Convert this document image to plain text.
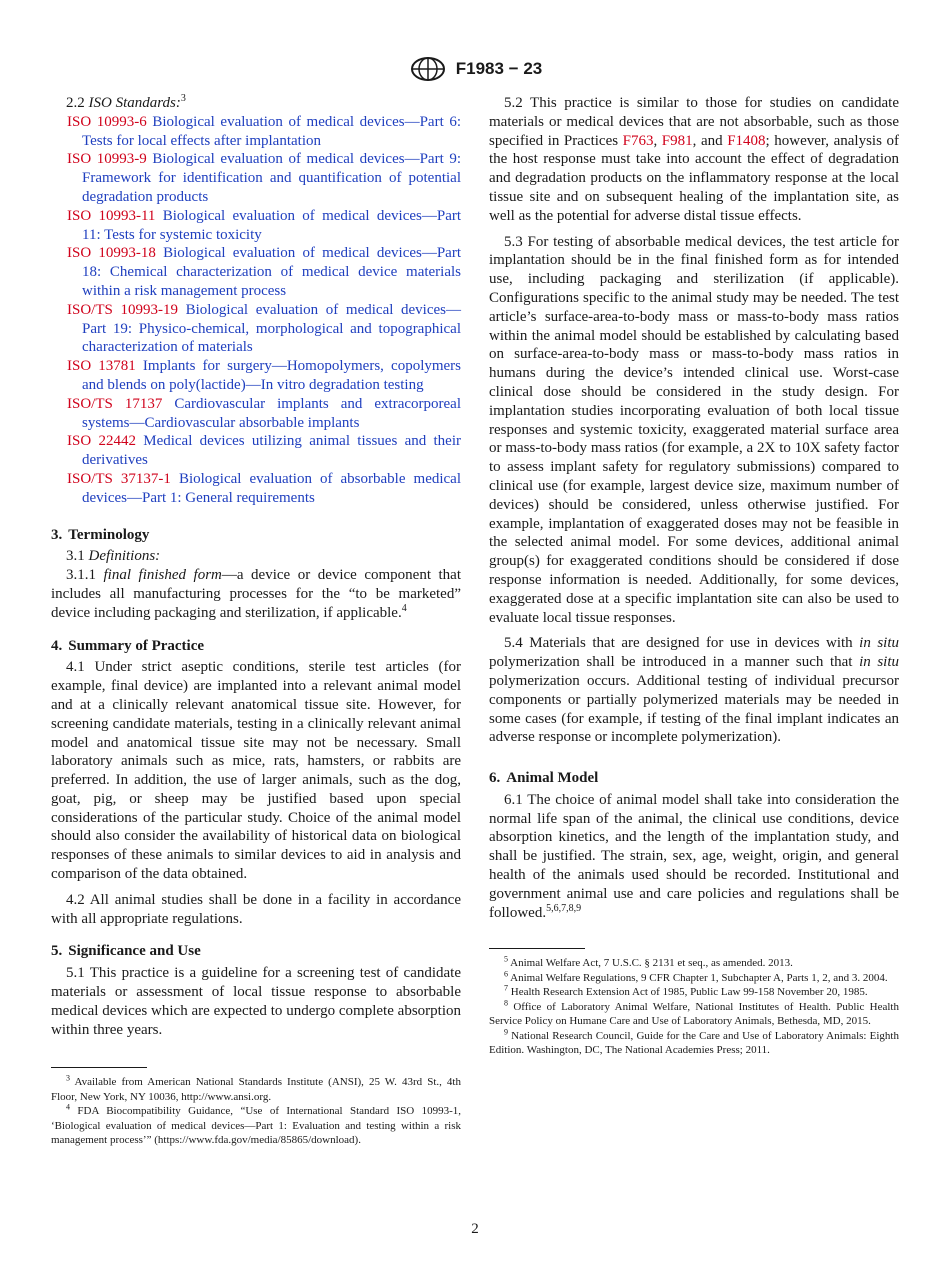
F1983 − 23

2.2 ISO Standards:$^3$

ISO 10993-6 Biological evaluation of medical devices—Part 6: Tests for local effects after implantation

ISO 10993-9 Biological evaluation of medical devices—Part 9: Framework for identification and quantification of potential degradation products

ISO 10993-11 Biological evaluation of medical devices—Part 11: Tests for systemic toxicity

ISO 10993-18 Biological evaluation of medical devices—Part 18: Chemical characterization of medical device materials within a risk management process

ISO/TS 10993-19 Biological evaluation of medical devices—Part 19: Physico-chemical, morphological and topographical characterization of materials

ISO 13781 Implants for surgery—Homopolymers, copolymers and blends on poly(lactide)—In vitro degradation testing

ISO/TS 17137 Cardiovascular implants and extracorporeal systems—Cardiovascular absorbable implants

ISO 22442 Medical devices utilizing animal tissues and their derivatives

ISO/TS 37137-1 Biological evaluation of absorbable medical devices—Part 1: General requirements

3. Terminology

3.1 Definitions:

3.1.1 final finished form—a device or device component that includes all manufacturing processes for the “to be marketed” device including packaging and sterilization, if applicable.$^4$

4. Summary of Practice

4.1 Under strict aseptic conditions, sterile test articles (for example, final device) are implanted into a relevant animal model and at a clinically relevant anatomical tissue site. However, for screening candidate materials, testing in a clinically relevant animal model and anatomical tissue site may not be necessary. Small laboratory animals such as mice, rats, hamsters, or rabbits are preferred. In addition, the use of larger animals, such as the dog, goat, pig, or sheep may be justified based upon special considerations of the particular study. Choice of the animal model should also consider the availability of historical data on biological responses of these animals to similar devices to aid in analysis and comparison of the data obtained.

4.2 All animal studies shall be done in a facility in accordance with all appropriate regulations.

5. Significance and Use

5.1 This practice is a guideline for a screening test of candidate materials or assessment of local tissue response to absorbable medical devices which are expected to undergo complete absorption within three years.

$^3$ Available from American National Standards Institute (ANSI), 25 W. 43rd St., 4th Floor, New York, NY 10036, http://www.ansi.org.

$^4$ FDA Biocompatibility Guidance, “Use of International Standard ISO 10993-1, ‘Biological evaluation of medical devices—Part 1: Evaluation and testing within a risk management process’” (https://www.fda.gov/media/85865/download).

5.2 This practice is similar to those for studies on candidate materials or medical devices that are not absorbable, such as those specified in Practices F763, F981, and F1408; however, analysis of the host response must take into account the effect of degradation and degradation products on the inflammatory response at the local tissue site and on subsequent healing of the implantation site, as well as the potential for adverse distal tissue effects.

5.3 For testing of absorbable medical devices, the test article for implantation should be in the final finished form as for intended use, including packaging and sterilization (if applicable). Configurations specific to the animal study may be needed. The test article’s surface-area-to-body mass or mass-to-body mass ratios within the animal model should be established by calculating based on surface-area-to-body mass or mass-to-body mass ratios in humans during the device’s intended clinical use. Worst-case clinical dose should be considered in the study design. For implantation studies incorporating evaluation of both local tissue responses and systemic toxicity, exaggerated material surface area or mass-to-body mass ratios (for example, a 2X to 10X safety factor to assess implant safety for regulatory submissions) compared to clinical use (for example, largest device size, maximum number of devices) should be considered, unless otherwise justified. For example, implantation of exaggerated doses may not be feasible in the selected animal model. For some devices, additional animal group(s) for exaggerated conditions should be considered if dose response information is needed. Additionally, for some devices, exaggerated dose at a specific implantation site can also be used to evaluate local tissue responses.

5.4 Materials that are designed for use in devices with in situ polymerization shall be introduced in a manner such that in situ polymerization occurs. Additional testing of individual precursor components or partially polymerized materials may be needed in some cases (for example, if testing of the final implant indicates an adverse response or incomplete polymerization).

6. Animal Model

6.1 The choice of animal model shall take into consideration the normal life span of the animal, the clinical use conditions, device absorption kinetics, and the length of the implantation study, and shall be justified. The strain, sex, age, weight, origin, and general health of the animals used should be recorded. Institutional and government animal use and care policies and regulations shall be followed.$^{5,6,7,8,9}$

$^5$ Animal Welfare Act, 7 U.S.C. § 2131 et seq., as amended. 2013.

$^6$ Animal Welfare Regulations, 9 CFR Chapter 1, Subchapter A, Parts 1, 2, and 3. 2004.

$^7$ Health Research Extension Act of 1985, Public Law 99-158 November 20, 1985.

$^8$ Office of Laboratory Animal Welfare, National Institutes of Health. Public Health Service Policy on Humane Care and Use of Laboratory Animals, Bethesda, MD, 2015.

$^9$ National Research Council, Guide for the Care and Use of Laboratory Animals: Eighth Edition. Washington, DC, The National Academies Press; 2011.

2
